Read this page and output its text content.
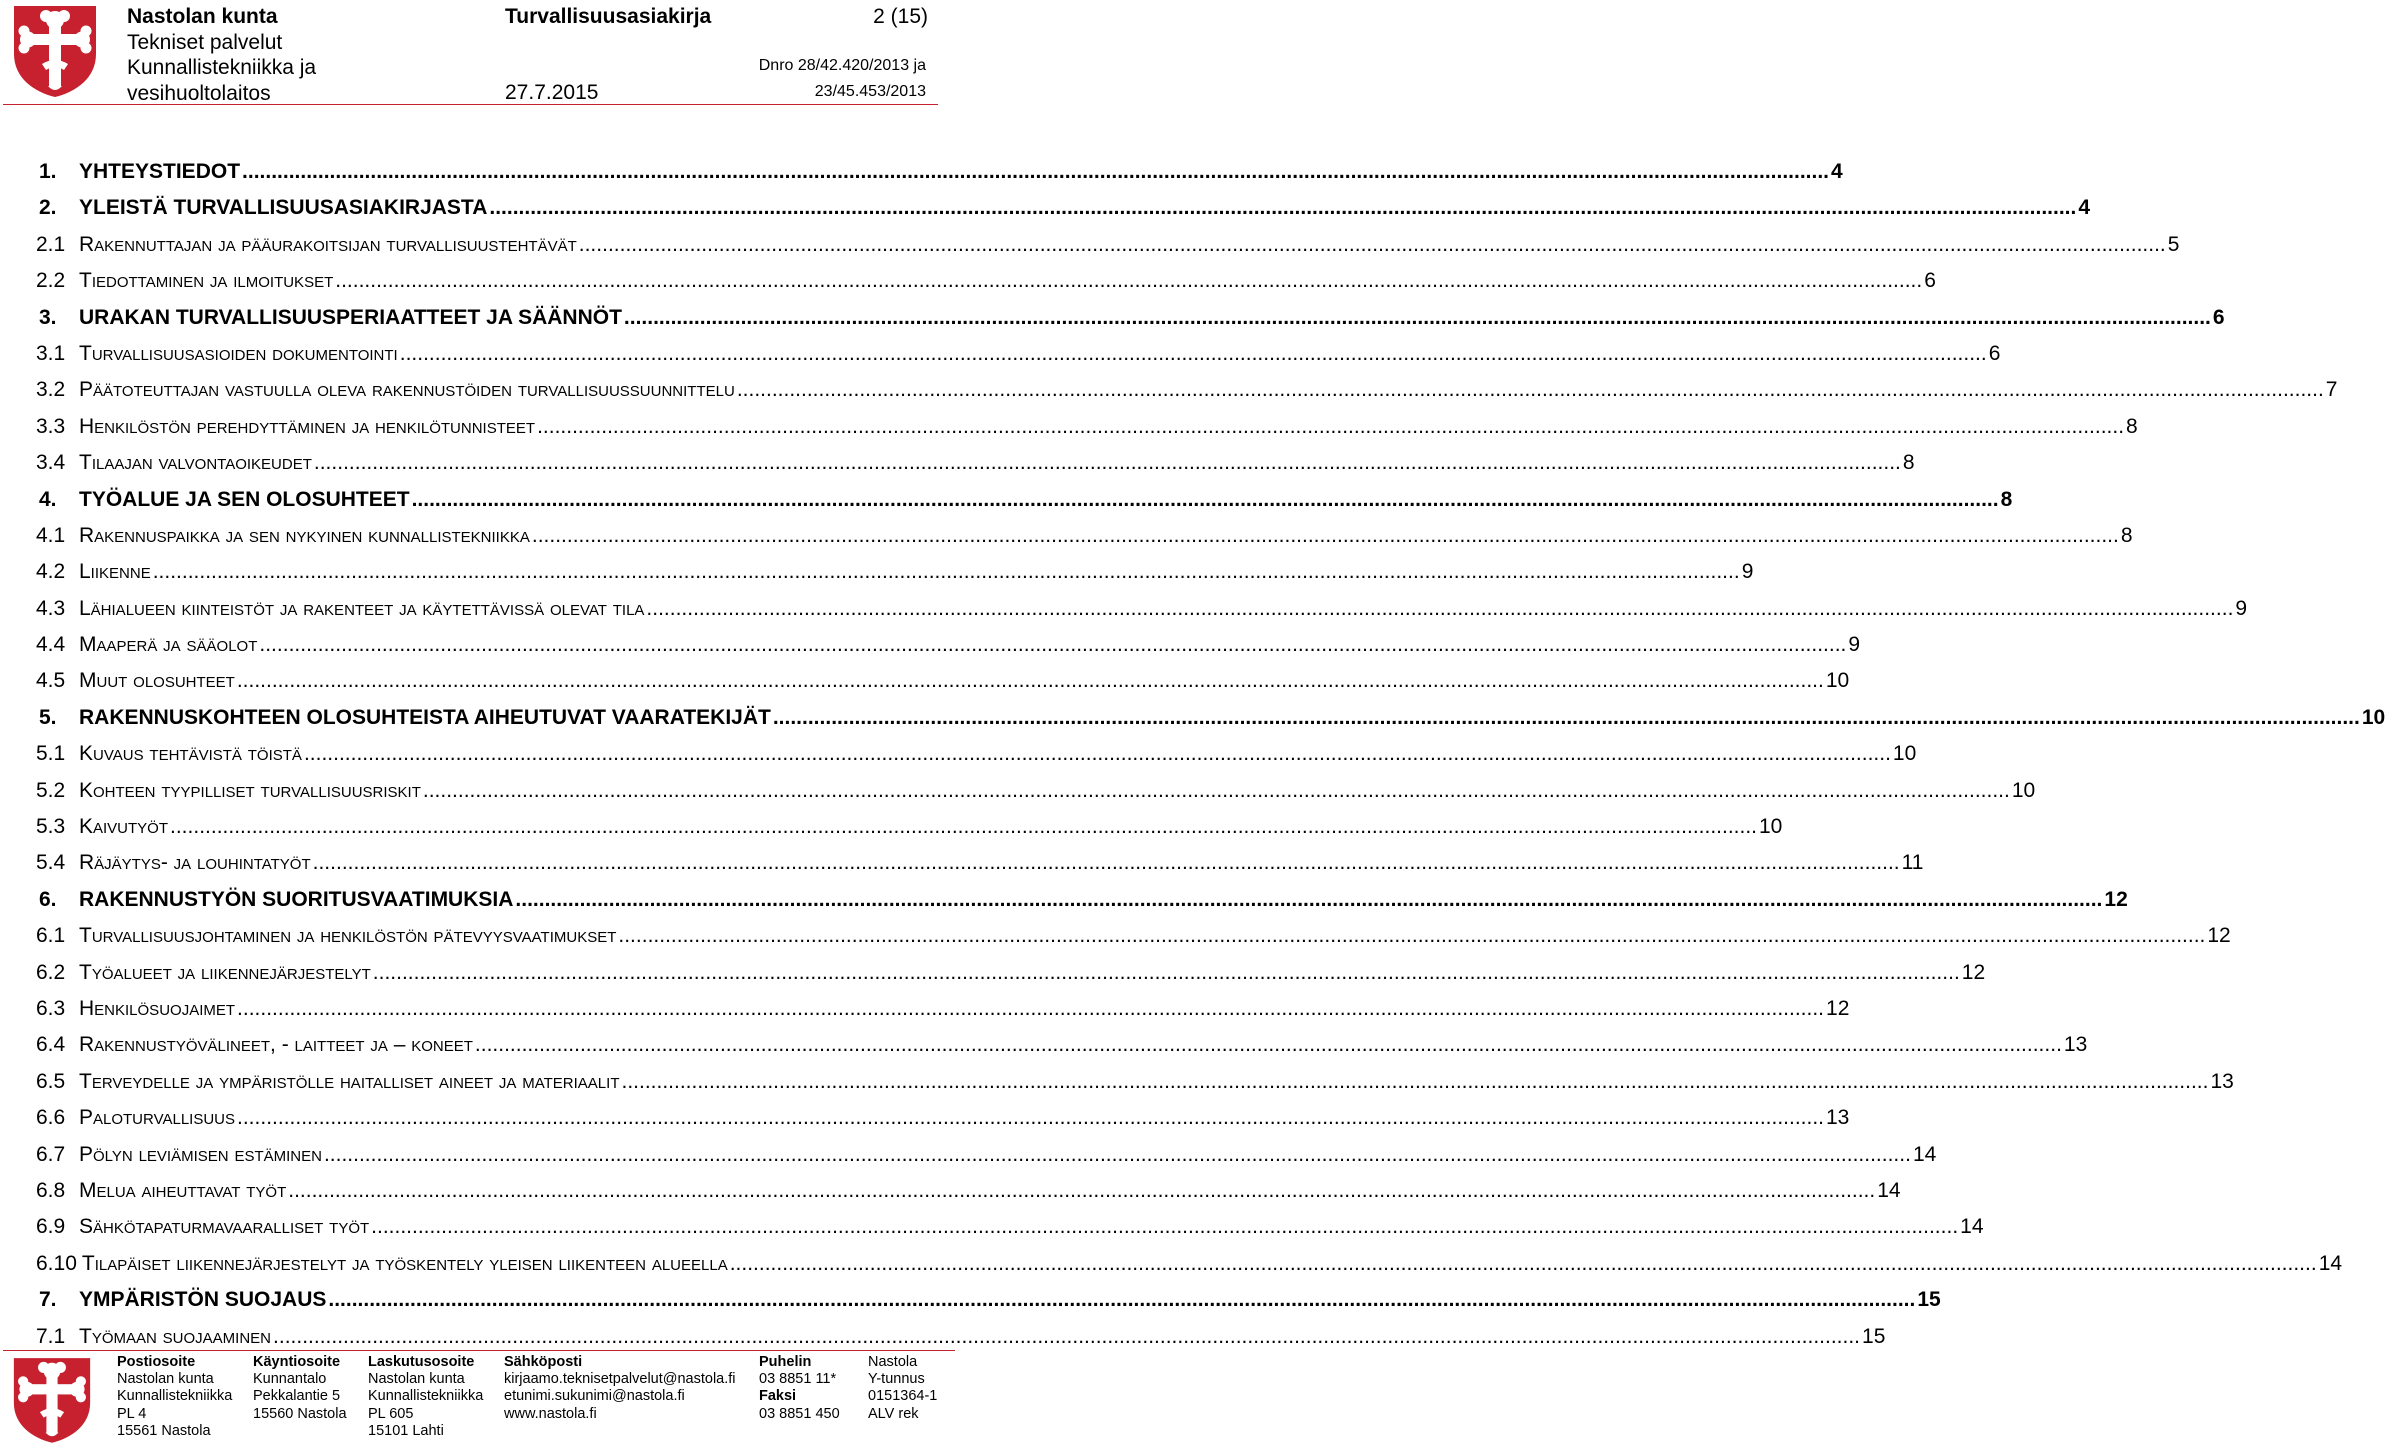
Nastolan kunta
Tekniset palvelut
Kunnallistekniikka ja
vesihuoltolaitos
Turvallisuusasiakirja
27.7.2015
2 (15)
Dnro 28/42.420/2013 ja
23/45.453/2013
1.	YHTEYSTIEDOT .....	4
2.	YLEISTÄ TURVALLISUUSASIAKIRJASTA .....	4
2.1 Rakennuttajan ja pääurakoitsijan turvallisuustehtävät .....	5
2.2 Tiedottaminen ja ilmoitukset .....	6
3.	URAKAN TURVALLISUUSPERIAATTEET JA SÄÄNNÖT .....	6
3.1 Turvallisuusasioiden dokumentointi .....	6
3.2 Päätoteuttajan vastuulla oleva rakennustöiden turvallisuussuunnittelu .....	7
3.3 Henkilöstön perehdyttäminen ja henkilötunnisteet .....	8
3.4 Tilaajan valvontaoikeudet .....	8
4.	TYÖALUE JA SEN OLOSUHTEET .....	8
4.1 Rakennuspaikka ja sen nykyinen kunnallistekniikka .....	8
4.2 Liikenne .....	9
4.3 Lähialueen kiinteistöt ja rakenteet ja käytettävissä olevat tila .....	9
4.4 Maaperä ja sääolot .....	9
4.5 Muut olosuhteet .....	10
5.	RAKENNUSKOHTEEN OLOSUHTEISTA AIHEUTUVAT VAARATEKIJÄT .....	10
5.1 Kuvaus tehtävistä töistä .....	10
5.2 Kohteen tyypilliset turvallisuusriskit .....	10
5.3 Kaivutyöt .....	10
5.4 Räjäytys- ja louhintatyöt .....	11
6.	RAKENNUSTYÖN SUORITUSVAATIMUKSIA .....	12
6.1 Turvallisuusjohtaminen ja henkilöstön pätevyysvaatimukset .....	12
6.2 Työalueet ja liikennejärjestelyt .....	12
6.3 Henkilösuojaimet .....	12
6.4 Rakennustyövälineet, - laitteet ja – koneet .....	13
6.5 Terveydelle ja ympäristölle haitalliset aineet ja materiaalit .....	13
6.6 Paloturvallisuus .....	13
6.7 Pölyn leviämisen estäminen .....	14
6.8 Melua aiheuttavat työt .....	14
6.9 Sähkötapaturmavaaralliset työt .....	14
6.10 Tilapäiset liikennejärjestelyt ja työskentely yleisen liikenteen alueella .....	14
7.	YMPÄRISTÖN SUOJAUS .....	15
7.1 Työmaan suojaaminen .....	15
Postiosoite
Nastolan kunta
Kunnallistekniikka
PL 4
15561 Nastola
Käyntiosoite
Kunnantalo
Pekkalantie 5
15560 Nastola
Laskutusosoite
Nastolan kunta
Kunnallistekniikka
PL 605
15101 Lahti
Sähköposti
kirjaamo.teknisetpalvelut@nastola.fi
etunimi.sukunimi@nastola.fi
www.nastola.fi
Puhelin
03 8851 11*
Faksi
03 8851 450
Nastola
Y-tunnus
0151364-1
ALV rek
